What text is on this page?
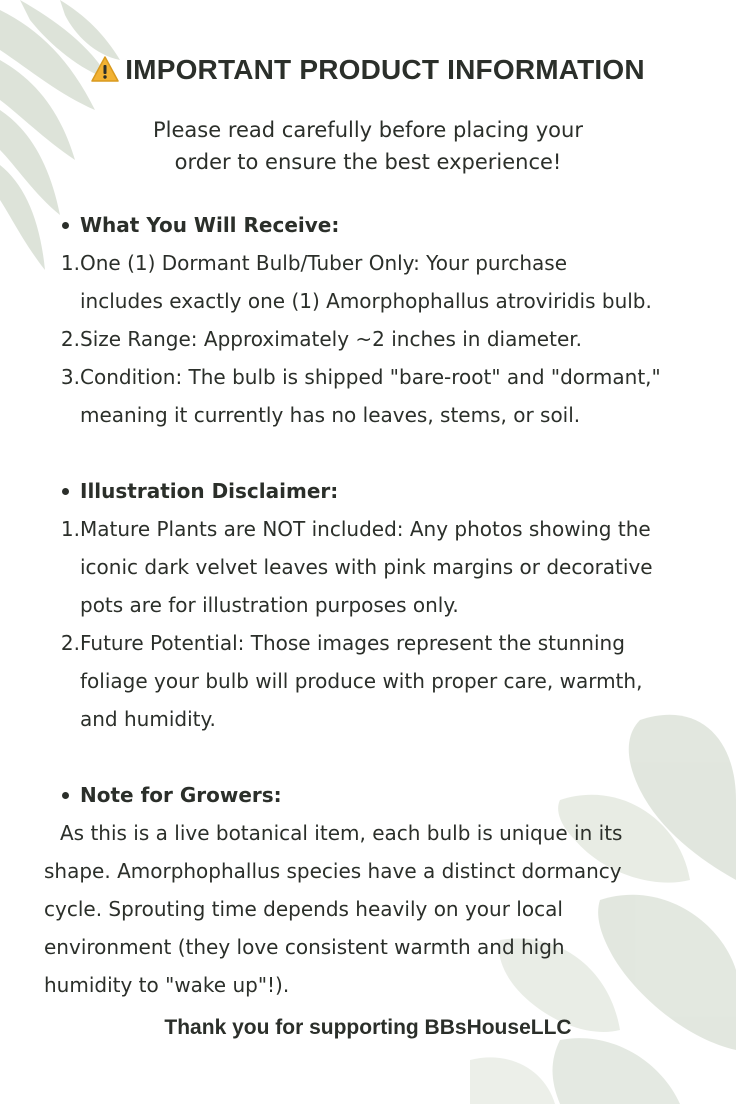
IMPORTANT PRODUCT INFORMATION
Please read carefully before placing your
order to ensure the best experience!
What You Will Receive:
1. One (1) Dormant Bulb/Tuber Only: Your purchase
includes exactly one (1) Amorphophallus atroviridis bulb.
2. Size Range: Approximately ~2 inches in diameter.
3. Condition: The bulb is shipped "bare-root" and "dormant,"
meaning it currently has no leaves, stems, or soil.
Illustration Disclaimer:
1. Mature Plants are NOT included: Any photos showing the
iconic dark velvet leaves with pink margins or decorative
pots are for illustration purposes only.
2. Future Potential: Those images represent the stunning
foliage your bulb will produce with proper care, warmth,
and humidity.
Note for Growers:
As this is a live botanical item, each bulb is unique in its
shape. Amorphophallus species have a distinct dormancy
cycle. Sprouting time depends heavily on your local
environment (they love consistent warmth and high
humidity to "wake up"!).
Thank you for supporting BBsHouseLLC
